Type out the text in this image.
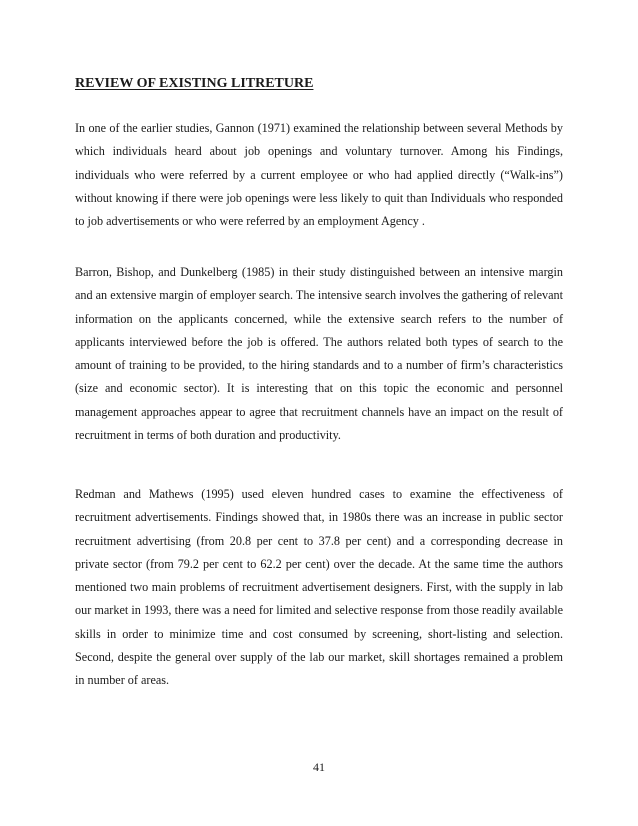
REVIEW OF EXISTING LITRETURE

In one of the earlier studies, Gannon (1971) examined the relationship between several Methods by which individuals heard about job openings and voluntary turnover. Among his Findings, individuals who were referred by a current employee or who had applied directly (“Walk-ins”) without knowing if there were job openings were less likely to quit than Individuals who responded to job advertisements or who were referred by an employment Agency .

Barron, Bishop, and Dunkelberg (1985) in their study distinguished between an intensive margin and an extensive margin of employer search. The intensive search involves the gathering of relevant information on the applicants concerned, while the extensive search refers to the number of applicants interviewed before the job is offered. The authors related both types of search to the amount of training to be provided, to the hiring standards and to a number of firm’s characteristics (size and economic sector). It is interesting that on this topic the economic and personnel management approaches appear to agree that recruitment channels have an impact on the result of recruitment in terms of both duration and productivity.

Redman and Mathews (1995) used eleven hundred cases to examine the effectiveness of recruitment advertisements. Findings showed that, in 1980s there was an increase in public sector recruitment advertising (from 20.8 per cent to 37.8 per cent) and a corresponding decrease in private sector (from 79.2 per cent to 62.2 per cent) over the decade. At the same time the authors mentioned two main problems of recruitment advertisement designers. First, with the supply in lab our market in 1993, there was a need for limited and selective response from those readily available skills in order to minimize time and cost consumed by screening, short-listing and selection. Second, despite the general over supply of the lab our market, skill shortages remained a problem in number of areas.

41
